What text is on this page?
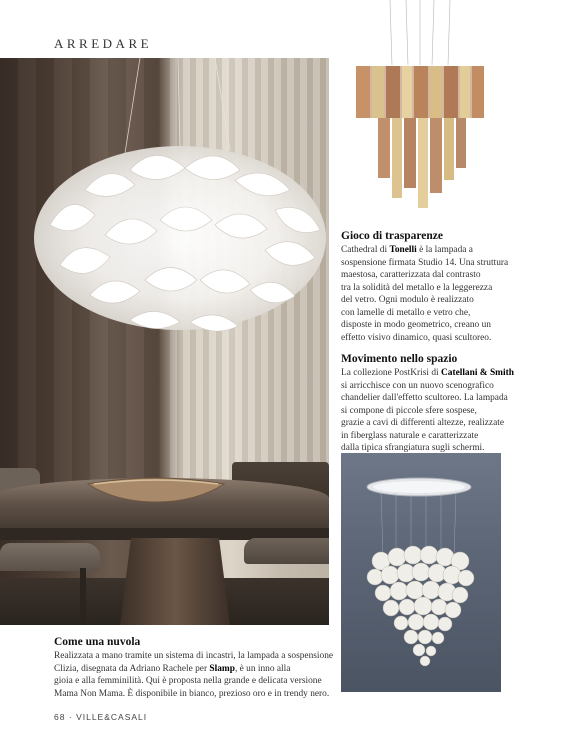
ARREDARE
Gioco di trasparenze

Cathedral di Tonelli è la lampada a
sospensione firmata Studio 14. Una struttura
maestosa, caratterizzata dal contrasto
tra la solidità del metallo e la leggerezza
del vetro. Ogni modulo è realizzato
con lamelle di metallo e vetro che,
disposte in modo geometrico, creano un
effetto visivo dinamico, quasi scultoreo.

Movimento nello spazio

La collezione PostKrisi di Catellani & Smith
si arricchisce con un nuovo scenografico
chandelier dall'effetto scultoreo. La lampada
si compone di piccole sfere sospese,
grazie a cavi di differenti altezze, realizzate
in fiberglass naturale e caratterizzate
dalla tipica sfrangiatura sugli schermi.

Come una nuvola

Realizzata a mano tramite un sistema di incastri, la lampada a sospensione
Clizia, disegnata da Adriano Rachele per Slamp, è un inno alla
gioia e alla femminilità. Qui è proposta nella grande e delicata versione
Mama Non Mama. È disponibile in bianco, prezioso oro e in trendy nero.

68 · VILLE&CASALI
